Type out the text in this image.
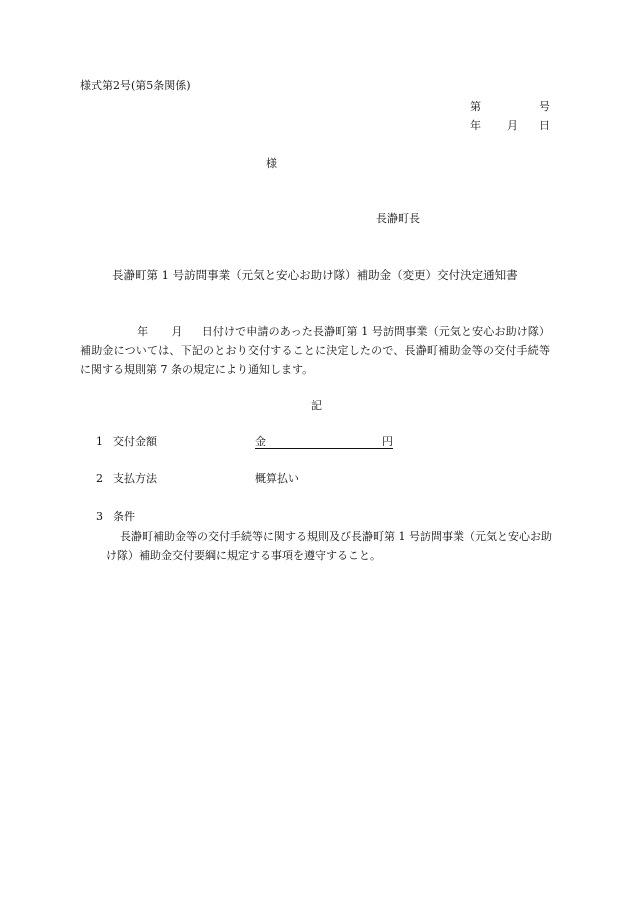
様式第2号(第5条関係)
第	号
年 月 日
様
長瀞町長
長瀞町第 1 号訪問事業（元気と安心お助け隊）補助金（変更）交付決定通知書
年 月 日付けで申請のあった長瀞町第 1 号訪問事業（元気と安心お助け隊）補助金については、下記のとおり交付することに決定したので、長瀞町補助金等の交付手続等に関する規則第 7 条の規定により通知します。
記
1 交付金額	金	円
2 支払方法	概算払い
3 条件
長瀞町補助金等の交付手続等に関する規則及び長瀞町第 1 号訪問事業（元気と安心お助け隊）補助金交付要綱に規定する事項を遵守すること。
